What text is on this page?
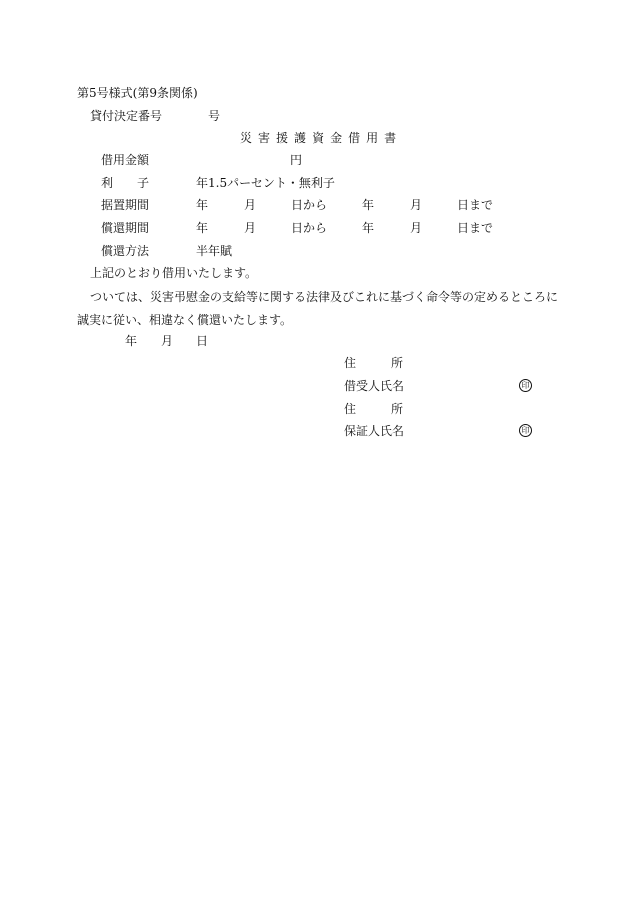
第5号様式(第9条関係)
貸付決定番号	号
災 害 援 護 資 金 借 用 書
借用金額	円
利 子	年1.5パーセント・無利子
据置期間	年	月	日から	年	月	日まで
償還期間	年	月	日から	年	月	日まで
償還方法	半年賦
上記のとおり借用いたします。
ついては、災害弔慰金の支給等に関する法律及びこれに基づく命令等の定めるところに
誠実に従い、相違なく償還いたします。
年 月 日
住	所
借受人氏名	印
住	所
保証人氏名	印
